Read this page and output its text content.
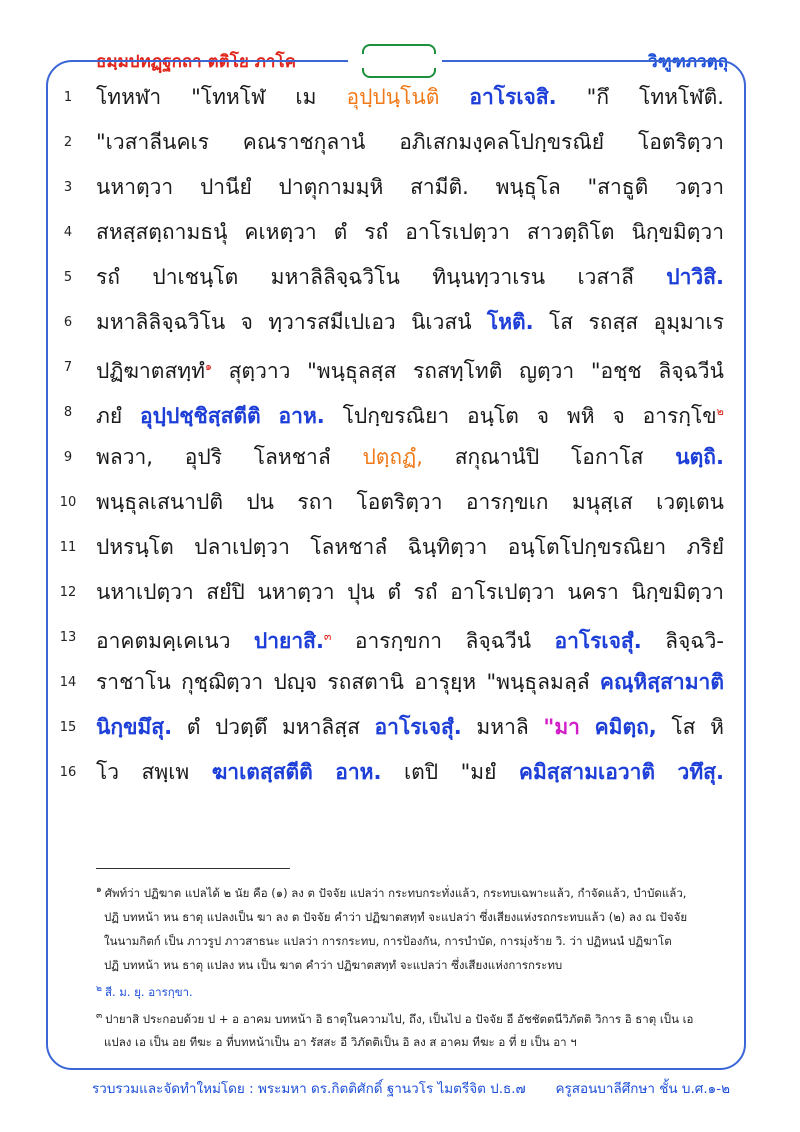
ธมฺมปทฏฺฐกถา ตติโย ภาโค	วิฑูฑภวตฺถุ
1	โทหฬา "โทหโฬ เม อุปฺปนฺโนติ อาโรเจสิ. "กึ โทหโฬติ.
2	"เวสาลีนคเร คณราชกุลานํ อภิเสกมงฺคลโปกฺขรณิยํ โอตริตฺวา
3	นหาตฺวา ปานียํ ปาตุกามมฺหิ สามีติ. พนฺธุโล "สาธูติ วตฺวา
4	สหสฺสตฺถามธนุํ คเหตฺวา ตํ รถํ อาโรเปตฺวา สาวตฺถิโต นิกฺขมิตฺวา
5	รถํ ปาเชนฺโต มหาลิลิจฺฉวิโน ทินฺนทฺวาเรน เวสาลึ ปาวิสิ.
6	มหาลิลิจฺฉวิโน จ ทฺวารสมีเปเอว นิเวสนํ โหติ. โส รถสฺส อุมฺมาเร
7	ปฏิฆาตสทฺทํ$^๑$ สุตฺวาว "พนฺธุลสฺส รถสทฺโทติ ญตฺวา "อชฺช ลิจฺฉวีนํ
8	ภยํ อุปฺปชฺชิสฺสตีติ อาห. โปกฺขรณิยา อนฺโต จ พหิ จ อารกฺโข$^๒$
9	พลวา, อุปริ โลหชาลํ ปตฺถฏํ, สกุณานํปิ โอกาโส นตฺถิ.
10 พนฺธุลเสนาปติ ปน รถา โอตริตฺวา อารกฺขเก มนุสฺเส เวตฺเตน
11 ปหรนฺโต ปลาเปตฺวา โลหชาลํ ฉินฺทิตฺวา อนฺโตโปกฺขรณิยา ภริยํ
12 นหาเปตฺวา สยํปิ นหาตฺวา ปุน ตํ รถํ อาโรเปตฺวา นครา นิกฺขมิตฺวา
13 อาคตมคฺเคเนว ปายาสิ.$^๓$ อารกฺขกา ลิจฺฉวีนํ อาโรเจสุํ. ลิจฺฉวิ-
14 ราชาโน กุชฺฌิตฺวา ปญฺจ รถสตานิ อารุยฺห "พนฺธุลมลฺลํ คณฺหิสฺสามาติ
15 นิกฺขมึสุ. ตํ ปวตฺตึ มหาลิสฺส อาโรเจสุํ. มหาลิ "มา คมิตฺถ, โส หิ
16 โว สพฺเพ ฆาเตสฺสตีติ อาห. เตปิ "มยํ คมิสฺสามเอวาติ วทึสุ.
$^๑$ ศัพท์ว่า ปฏิฆาต แปลได้ ๒ นัย คือ (๑) ลง ต ปัจจัย แปลว่า กระทบกระทั่งแล้ว, กระทบเฉพาะแล้ว, กำจัดแล้ว, บำบัดแล้ว,
ปฏิ บทหน้า หน ธาตุ แปลงเป็น ฆา ลง ต ปัจจัย คำว่า ปฏิฆาตสทฺทํ จะแปลว่า ซึ่งเสียงแห่งรถกระทบแล้ว (๒) ลง ณ ปัจจัย
ในนามกิตก์ เป็น ภาวรูป ภาวสาธนะ แปลว่า การกระทบ, การป้องกัน, การบำบัด, การมุ่งร้าย วิ. ว่า ปฏิหนนํ ปฏิฆาโต
ปฏิ บทหน้า หน ธาตุ แปลง หน เป็น ฆาต คำว่า ปฏิฆาตสทฺทํ จะแปลว่า ซึ่งเสียงแห่งการกระทบ
$^๒$ สี. ม. ยุ. อารกฺขา.
$^๓$ ปายาสิ ประกอบด้วย ป + อ อาคม บทหน้า อิ ธาตุในความไป, ถึง, เป็นไป อ ปัจจัย อี อัชชัตตนีวิภัตติ วิการ อิ ธาตุ เป็น เอ
แปลง เอ เป็น อย ทีฆะ อ ที่บทหน้าเป็น อา รัสสะ อี วิภัตติเป็น อิ ลง ส อาคม ทีฆะ อ ที่ ย เป็น อา ฯ
รวบรวมและจัดทำใหม่โดย : พระมหา ดร.กิตติศักดิ์ ฐานวโร ไมตรีจิต ป.ธ.๗ ครูสอนบาลีศึกษา ชั้น บ.ศ.๑-๒
